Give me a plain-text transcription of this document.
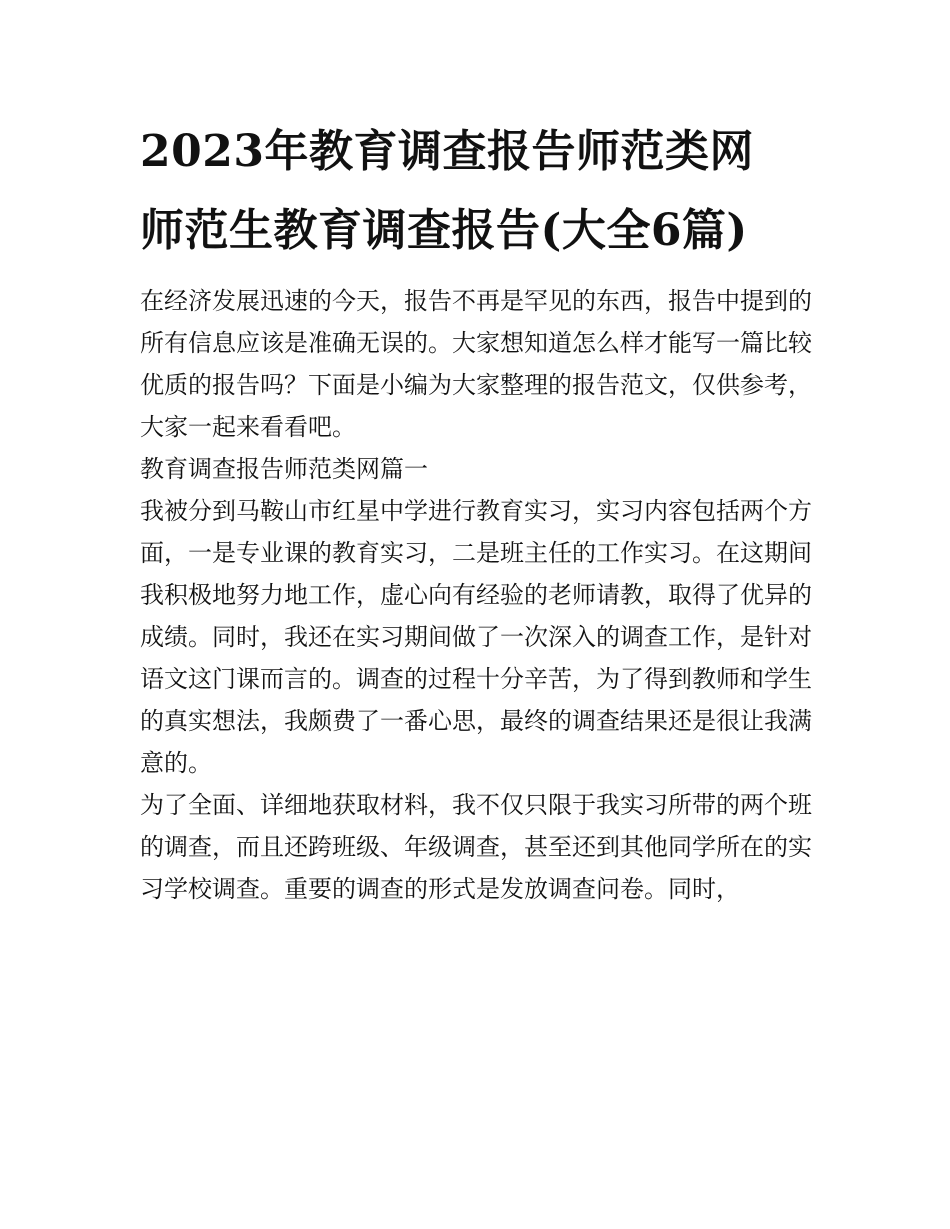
2023年教育调查报告师范类网 师范生教育调查报告(大全6篇)

在经济发展迅速的今天，报告不再是罕见的东西，报告中提到的所有信息应该是准确无误的。大家想知道怎么样才能写一篇比较优质的报告吗？下面是小编为大家整理的报告范文，仅供参考，大家一起来看看吧。

教育调查报告师范类网篇一

我被分到马鞍山市红星中学进行教育实习，实习内容包括两个方面，一是专业课的教育实习，二是班主任的工作实习。在这期间我积极地努力地工作，虚心向有经验的老师请教，取得了优异的成绩。同时，我还在实习期间做了一次深入的调查工作，是针对语文这门课而言的。调查的过程十分辛苦，为了得到教师和学生的真实想法，我颇费了一番心思，最终的调查结果还是很让我满意的。

为了全面、详细地获取材料，我不仅只限于我实习所带的两个班的调查，而且还跨班级、年级调查，甚至还到其他同学所在的实习学校调查。重要的调查的形式是发放调查问卷。同时，
